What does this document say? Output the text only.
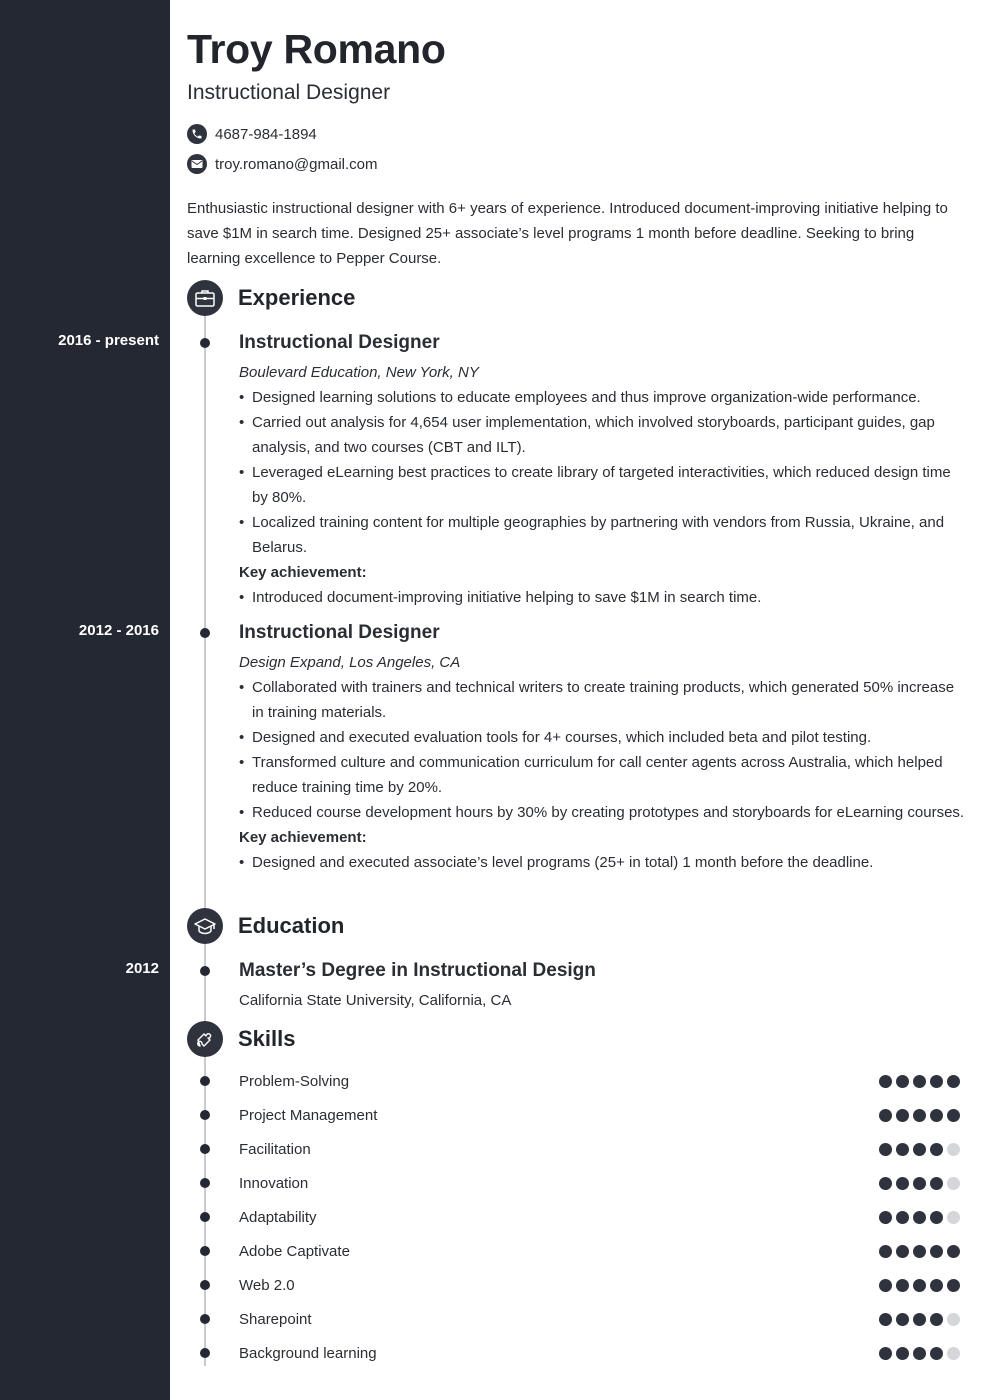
Troy Romano
Instructional Designer
4687-984-1894
troy.romano@gmail.com
Enthusiastic instructional designer with 6+ years of experience. Introduced document-improving initiative helping to save $1M in search time. Designed 25+ associate’s level programs 1 month before deadline. Seeking to bring learning excellence to Pepper Course.
Experience
2016 - present	Instructional Designer
Boulevard Education, New York, NY
• Designed learning solutions to educate employees and thus improve organization-wide performance.
• Carried out analysis for 4,654 user implementation, which involved storyboards, participant guides, gap analysis, and two courses (CBT and ILT).
• Leveraged eLearning best practices to create library of targeted interactivities, which reduced design time by 80%.
• Localized training content for multiple geographies by partnering with vendors from Russia, Ukraine, and Belarus.
Key achievement:
• Introduced document-improving initiative helping to save $1M in search time.
2012 - 2016	Instructional Designer
Design Expand, Los Angeles, CA
• Collaborated with trainers and technical writers to create training products, which generated 50% increase in training materials.
• Designed and executed evaluation tools for 4+ courses, which included beta and pilot testing.
• Transformed culture and communication curriculum for call center agents across Australia, which helped reduce training time by 20%.
• Reduced course development hours by 30% by creating prototypes and storyboards for eLearning courses.
Key achievement:
• Designed and executed associate’s level programs (25+ in total) 1 month before the deadline.
Education
2012	Master’s Degree in Instructional Design
California State University, California, CA
Skills
Problem-Solving
Project Management
Facilitation
Innovation
Adaptability
Adobe Captivate
Web 2.0
Sharepoint
Background learning
